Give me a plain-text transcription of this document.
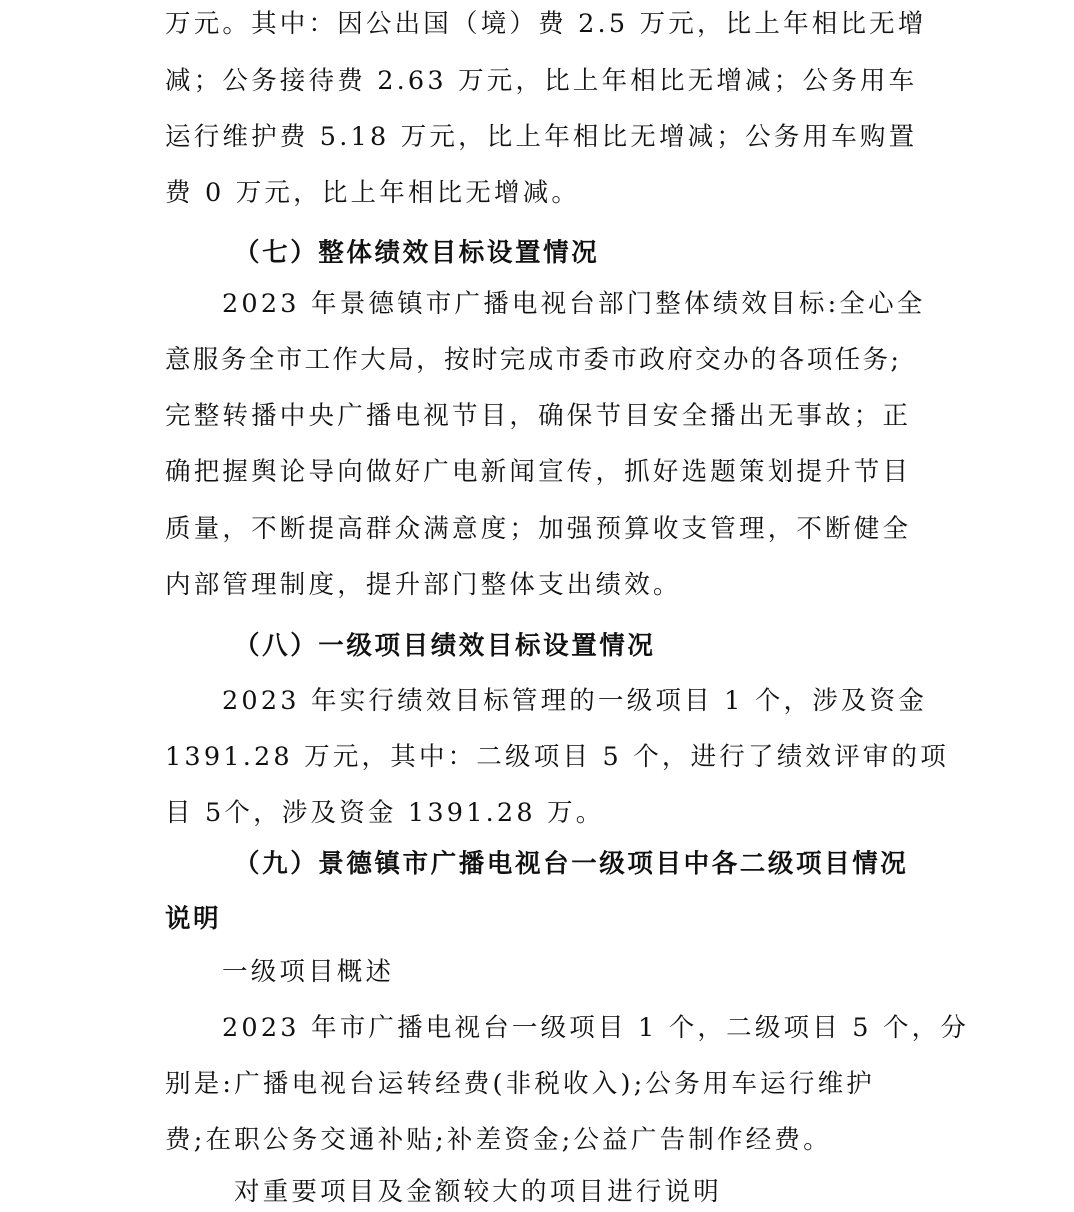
万元。其中：因公出国（境）费 2.5 万元，比上年相比无增
减；公务接待费 2.63 万元，比上年相比无增减；公务用车
运行维护费 5.18 万元，比上年相比无增减；公务用车购置
费 0 万元，比上年相比无增减。
（七）整体绩效目标设置情况
2023 年景德镇市广播电视台部门整体绩效目标:全心全
意服务全市工作大局，按时完成市委市政府交办的各项任务;
完整转播中央广播电视节目，确保节目安全播出无事故；正
确把握舆论导向做好广电新闻宣传，抓好选题策划提升节目
质量，不断提高群众满意度；加强预算收支管理，不断健全
内部管理制度，提升部门整体支出绩效。
（八）一级项目绩效目标设置情况
2023 年实行绩效目标管理的一级项目 1 个，涉及资金
1391.28 万元，其中：二级项目 5 个，进行了绩效评审的项
目 5个，涉及资金 1391.28 万。
（九）景德镇市广播电视台一级项目中各二级项目情况
说明
一级项目概述
2023 年市广播电视台一级项目 1 个，二级项目 5 个，分
别是:广播电视台运转经费(非税收入);公务用车运行维护
费;在职公务交通补贴;补差资金;公益广告制作经费。
对重要项目及金额较大的项目进行说明
